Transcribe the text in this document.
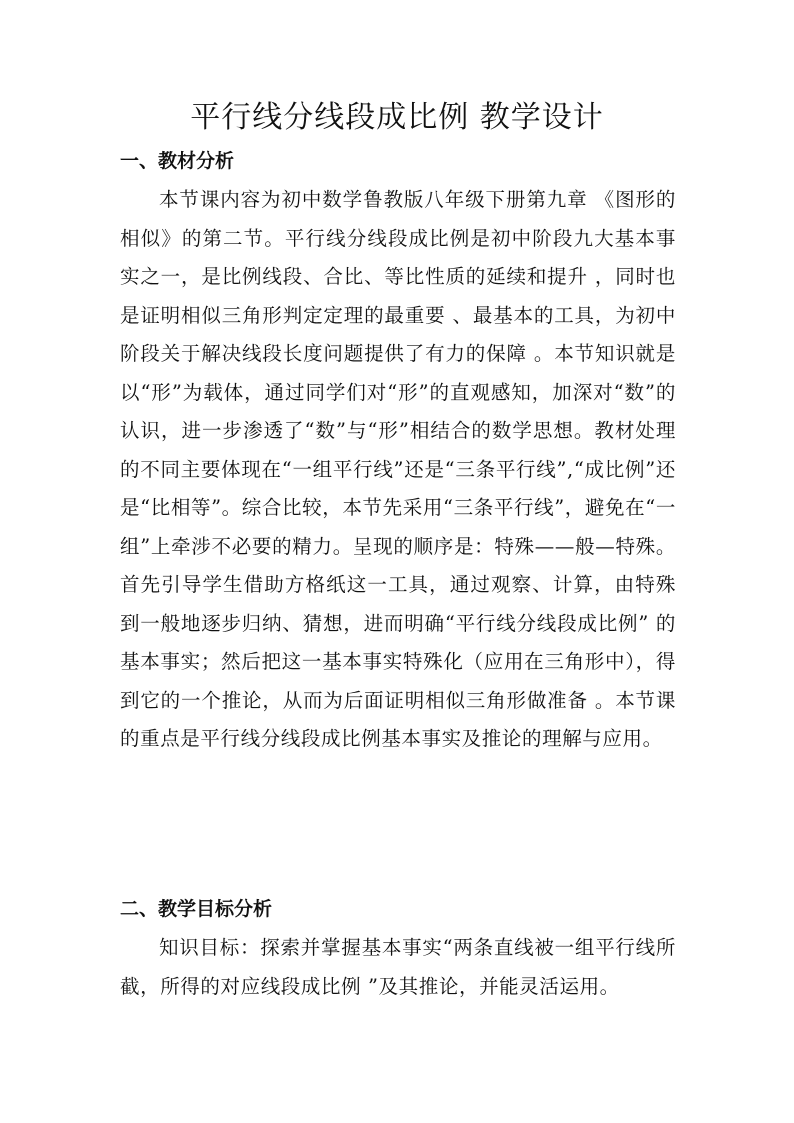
平行线分线段成比例 教学设计
一、教材分析

本节课内容为初中数学鲁教版八年级下册第九章 《图形的相似》的第二节。平行线分线段成比例是初中阶段九大基本事实之一，是比例线段、合比、等比性质的延续和提升 ，同时也是证明相似三角形判定定理的最重要 、最基本的工具，为初中阶段关于解决线段长度问题提供了有力的保障 。本节知识就是以“形”为载体，通过同学们对“形”的直观感知，加深对“数”的认识，进一步渗透了“数”与“形”相结合的数学思想。教材处理的不同主要体现在“一组平行线”还是“三条平行线”,“成比例”还是“比相等”。综合比较，本节先采用“三条平行线”，避免在“一组”上牵涉不必要的精力。呈现的顺序是：特殊——般—特殊。首先引导学生借助方格纸这一工具，通过观察、计算，由特殊到一般地逐步归纳、猜想，进而明确“平行线分线段成比例” 的基本事实；然后把这一基本事实特殊化（应用在三角形中），得到它的一个推论，从而为后面证明相似三角形做准备 。本节课的重点是平行线分线段成比例基本事实及推论的理解与应用。

二、教学目标分析

知识目标：探索并掌握基本事实“两条直线被一组平行线所截，所得的对应线段成比例 ”及其推论，并能灵活运用。
